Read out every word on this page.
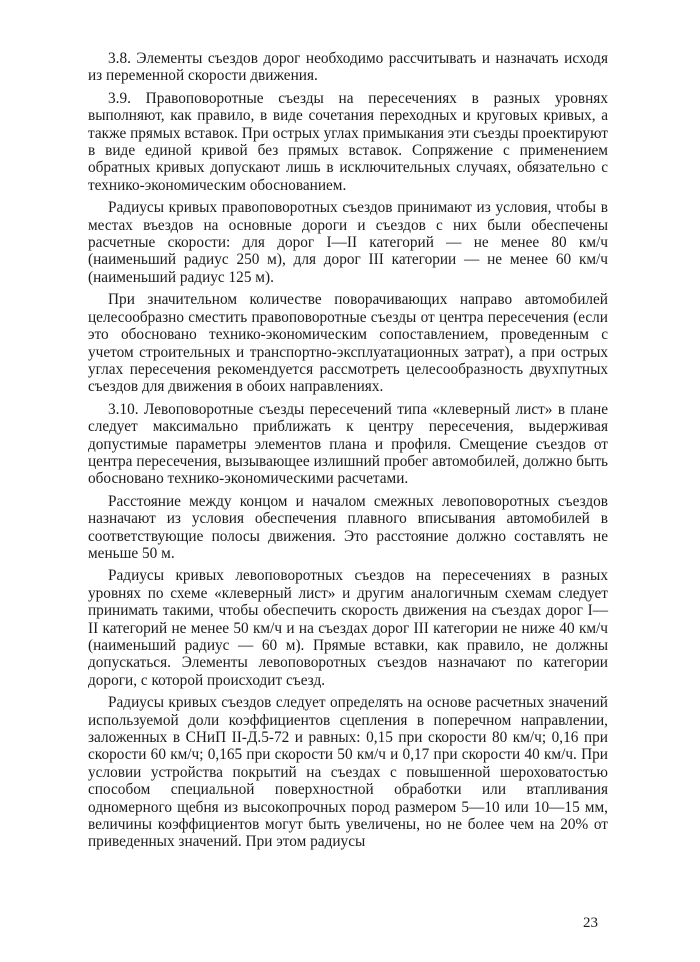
3.8. Элементы съездов дорог необходимо рассчитывать и назначать исходя из переменной скорости движения.

3.9. Правоповоротные съезды на пересечениях в разных уровнях выполняют, как правило, в виде сочетания переходных и круговых кривых, а также прямых вставок. При острых углах примыкания эти съезды проектируют в виде единой кривой без прямых вставок. Сопряжение с применением обратных кривых допускают лишь в исключительных случаях, обязательно с технико-экономическим обоснованием.

Радиусы кривых правоповоротных съездов принимают из условия, чтобы в местах въездов на основные дороги и съездов с них были обеспечены расчетные скорости: для дорог I—II категорий — не менее 80 км/ч (наименьший радиус 250 м), для дорог III категории — не менее 60 км/ч (наименьший радиус 125 м).

При значительном количестве поворачивающих направо автомобилей целесообразно сместить правоповоротные съезды от центра пересечения (если это обосновано технико-экономическим сопоставлением, проведенным с учетом строительных и транспортно-эксплуатационных затрат), а при острых углах пересечения рекомендуется рассмотреть целесообразность двухпутных съездов для движения в обоих направлениях.

3.10. Левоповоротные съезды пересечений типа «клеверный лист» в плане следует максимально приближать к центру пересечения, выдерживая допустимые параметры элементов плана и профиля. Смещение съездов от центра пересечения, вызывающее излишний пробег автомобилей, должно быть обосновано технико-экономическими расчетами.

Расстояние между концом и началом смежных левоповоротных съездов назначают из условия обеспечения плавного вписывания автомобилей в соответствующие полосы движения. Это расстояние должно составлять не меньше 50 м.

Радиусы кривых левоповоротных съездов на пересечениях в разных уровнях по схеме «клеверный лист» и другим аналогичным схемам следует принимать такими, чтобы обеспечить скорость движения на съездах дорог I—II категорий не менее 50 км/ч и на съездах дорог III категории не ниже 40 км/ч (наименьший радиус — 60 м). Прямые вставки, как правило, не должны допускаться. Элементы левоповоротных съездов назначают по категории дороги, с которой происходит съезд.

Радиусы кривых съездов следует определять на основе расчетных значений используемой доли коэффициентов сцепления в поперечном направлении, заложенных в СНиП II-Д.5-72 и равных: 0,15 при скорости 80 км/ч; 0,16 при скорости 60 км/ч; 0,165 при скорости 50 км/ч и 0,17 при скорости 40 км/ч. При условии устройства покрытий на съездах с повышенной шероховатостью способом специальной поверхностной обработки или втапливания одномерного щебня из высокопрочных пород размером 5—10 или 10—15 мм, величины коэффициентов могут быть увеличены, но не более чем на 20% от приведенных значений. При этом радиусы

23
